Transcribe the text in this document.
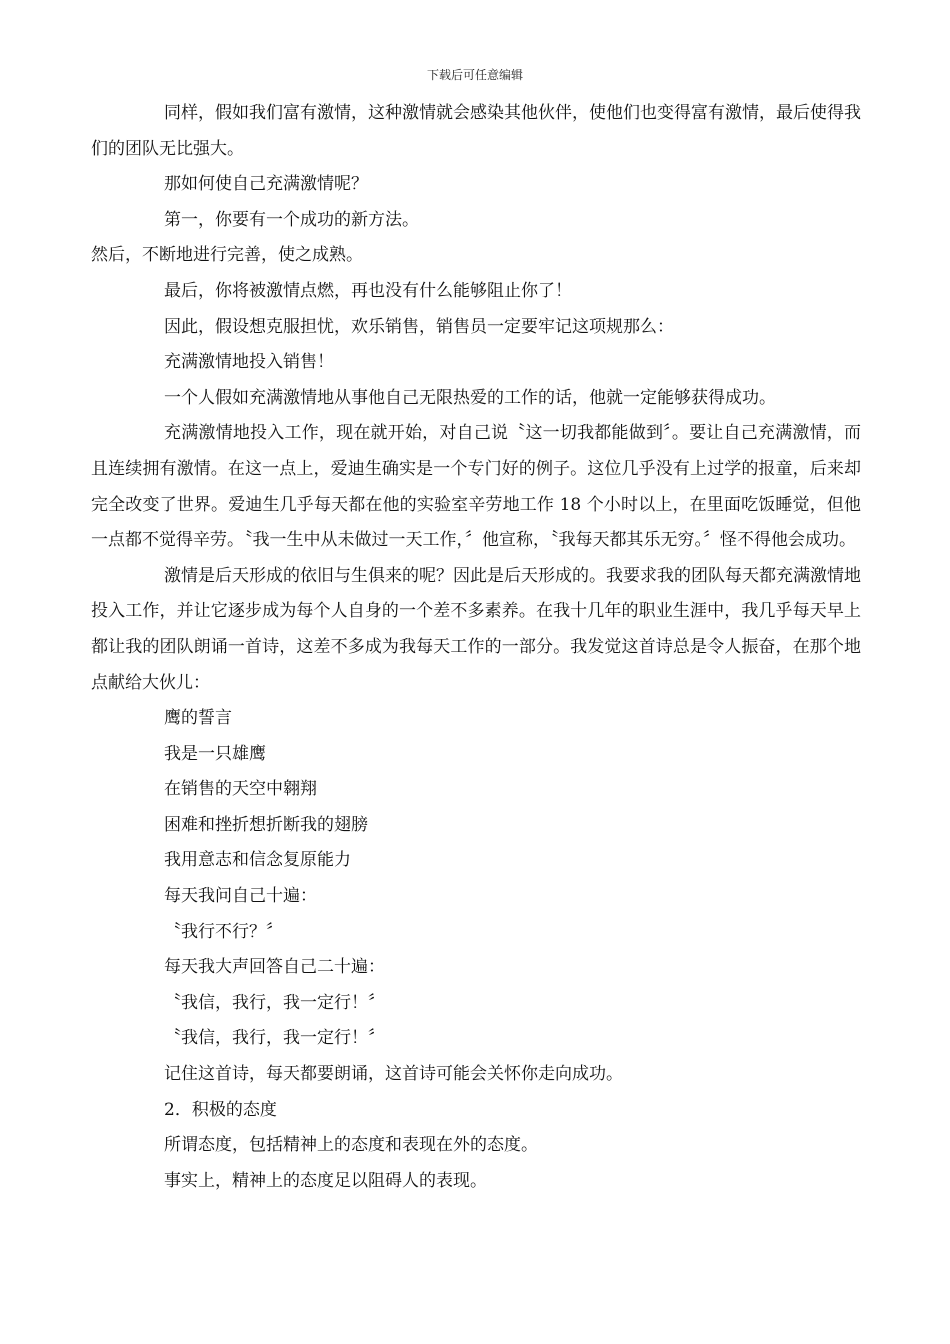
下载后可任意编辑

同样，假如我们富有激情，这种激情就会感染其他伙伴，使他们也变得富有激情，最后使得我们的团队无比强大。

那如何使自己充满激情呢？

第一，你要有一个成功的新方法。

然后，不断地进行完善，使之成熟。

最后，你将被激情点燃，再也没有什么能够阻止你了！

因此，假设想克服担忧，欢乐销售，销售员一定要牢记这项规那么：

充满激情地投入销售！

一个人假如充满激情地从事他自己无限热爱的工作的话，他就一定能够获得成功。

充满激情地投入工作，现在就开始，对自己说〝这一切我都能做到〞。要让自己充满激情，而且连续拥有激情。在这一点上，爱迪生确实是一个专门好的例子。这位几乎没有上过学的报童，后来却完全改变了世界。爱迪生几乎每天都在他的实验室辛劳地工作 18 个小时以上，在里面吃饭睡觉，但他一点都不觉得辛劳。〝我一生中从未做过一天工作，〞他宣称，〝我每天都其乐无穷。〞怪不得他会成功。

激情是后天形成的依旧与生俱来的呢？因此是后天形成的。我要求我的团队每天都充满激情地投入工作，并让它逐步成为每个人自身的一个差不多素养。在我十几年的职业生涯中，我几乎每天早上都让我的团队朗诵一首诗，这差不多成为我每天工作的一部分。我发觉这首诗总是令人振奋，在那个地点献给大伙儿：

鹰的誓言

我是一只雄鹰

在销售的天空中翱翔

困难和挫折想折断我的翅膀

我用意志和信念复原能力

每天我问自己十遍：

〝我行不行？〞

每天我大声回答自己二十遍：

〝我信，我行，我一定行！〞

〝我信，我行，我一定行！〞

记住这首诗，每天都要朗诵，这首诗可能会关怀你走向成功。

2．积极的态度

所谓态度，包括精神上的态度和表现在外的态度。

事实上，精神上的态度足以阻碍人的表现。
